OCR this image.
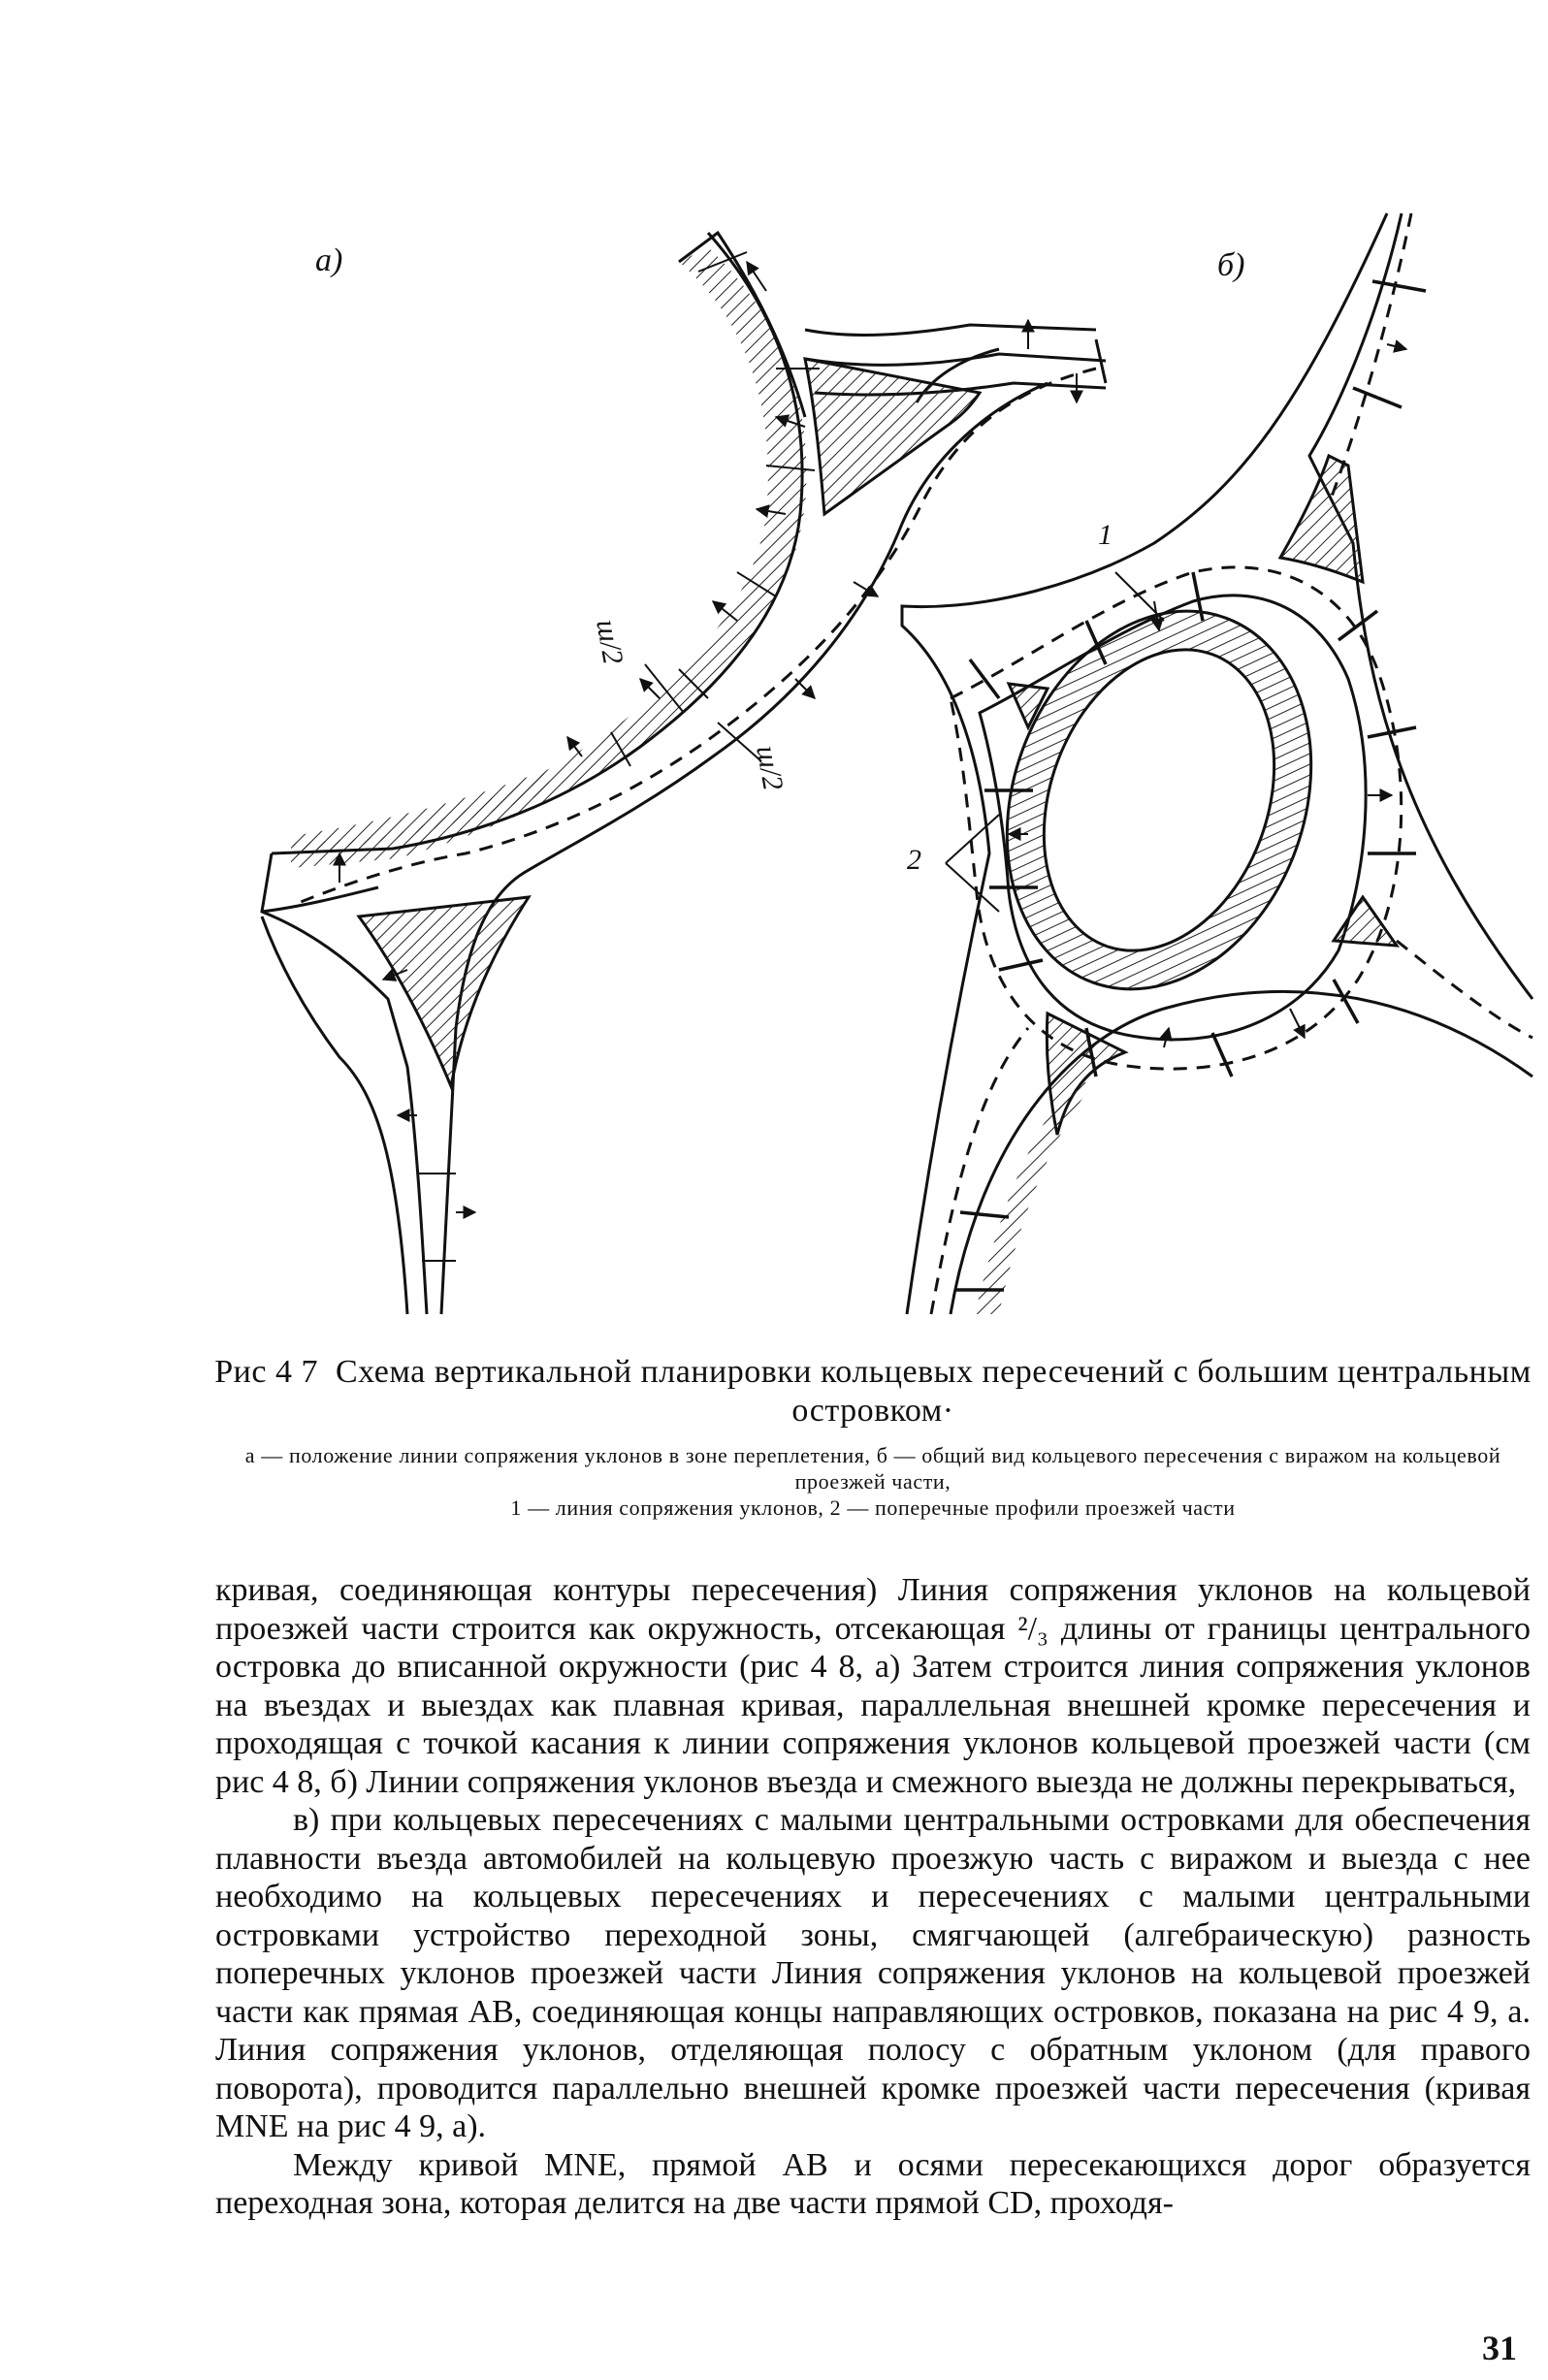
а)	б)
ш/2
ш/2
1
2
Рис 4 7 Схема вертикальной планировки кольцевых пересечений с большим центральным островком·
а — положение линии сопряжения уклонов в зоне переплетения, б — общий вид кольцевого пересечения с виражом на кольцевой проезжей части,
1 — линия сопряжения уклонов, 2 — поперечные профили проезжей части

кривая, соединяющая контуры пересечения) Линия сопряжения уклонов на кольцевой проезжей части строится как окружность, отсекающая ²/₃ длины от границы центрального островка до вписанной окружности (рис 4 8, а) Затем строится линия сопряжения уклонов на въездах и выездах как плавная кривая, параллельная внешней кромке пересечения и проходящая с точкой касания к линии сопряжения уклонов кольцевой проезжей части (см рис 4 8, б) Линии сопряжения уклонов въезда и смежного выезда не должны перекрываться,

в) при кольцевых пересечениях с малыми центральными островками для обеспечения плавности въезда автомобилей на кольцевую проезжую часть с виражом и выезда с нее необходимо на кольцевых пересечениях и пересечениях с малыми центральными островками устройство переходной зоны, смягчающей (алгебраическую) разность поперечных уклонов проезжей части Линия сопряжения уклонов на кольцевой проезжей части как прямая AB, соединяющая концы направляющих островков, показана на рис 4 9, а. Линия сопряжения уклонов, отделяющая полосу с обратным уклоном (для правого поворота), проводится параллельно внешней кромке проезжей части пересечения (кривая MNE на рис 4 9, а).

Между кривой MNE, прямой AB и осями пересекающихся дорог образуется переходная зона, которая делится на две части прямой CD, проходя-

31
